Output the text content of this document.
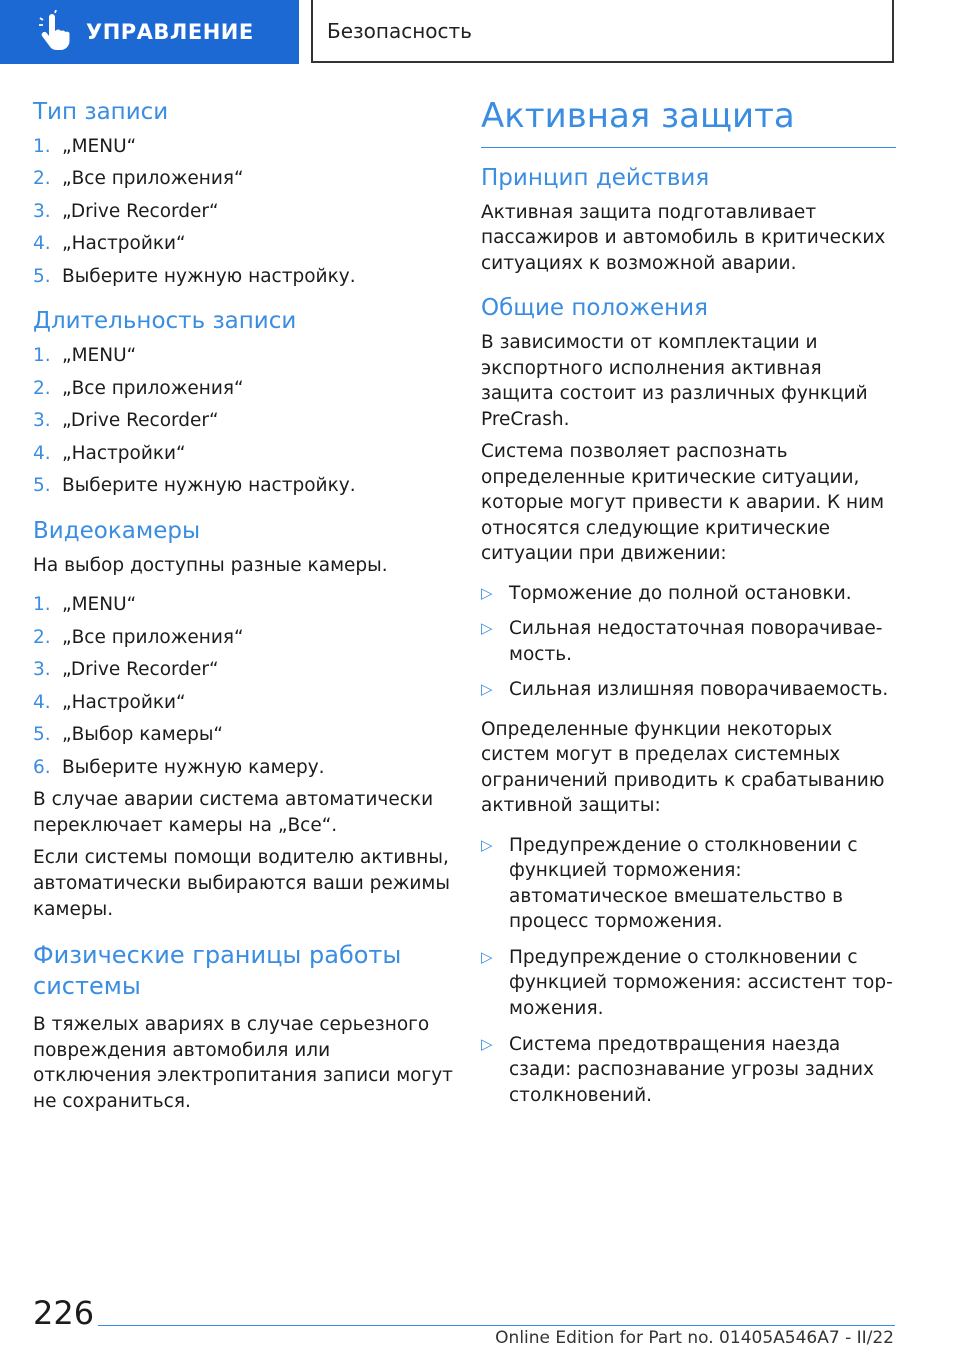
УПРАВЛЕНИЕ	Безопасность
Тип записи
1. „MENU“
2. „Все приложения“
3. „Drive Recorder“
4. „Настройки“
5. Выберите нужную настройку.
Длительность записи
1. „MENU“
2. „Все приложения“
3. „Drive Recorder“
4. „Настройки“
5. Выберите нужную настройку.
Видеокамеры

На выбор доступны разные камеры.

1. „MENU“
2. „Все приложения“
3. „Drive Recorder“
4. „Настройки“
5. „Выбор камеры“
6. Выберите нужную камеру.

В случае аварии система автоматически переключает камеры на „Все“.

Если системы помощи водителю активны, автоматически выбираются ваши режимы камеры.

Физические границы работы системы

В тяжелых авариях в случае серьезного повреждения автомобиля или отключения электропитания записи могут не сохраниться.

Активная защита
Принцип действия

Активная защита подготавливает пассажиров и автомобиль в критических ситуациях к возможной аварии.

Общие положения

В зависимости от комплектации и экспортного исполнения активная защита состоит из различных функций PreCrash.

Система позволяет распознать определенные критические ситуации, которые могут привести к аварии. К ним относятся следующие критические ситуации при движении:

▷ Торможение до полной остановки.
▷ Сильная недостаточная поворачиваемость.
▷ Сильная излишняя поворачиваемость.

Определенные функции некоторых систем могут в пределах системных ограничений приводить к срабатыванию активной защиты:

▷ Предупреждение о столкновении с функцией торможения: автоматическое вмешательство в процесс торможения.
▷ Предупреждение о столкновении с функцией торможения: ассистент торможения.
▷ Система предотвращения наезда сзади: распознавание угрозы задних столкновений.
226
Online Edition for Part no. 01405A546A7 - II/22
